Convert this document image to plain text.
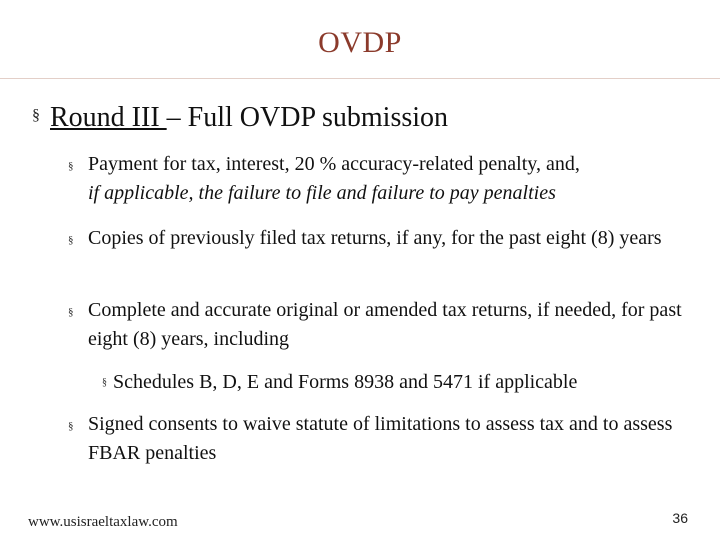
OVDP
§ Round III – Full OVDP submission
§ Payment for tax, interest, 20 % accuracy-related penalty, and,
if applicable, the failure to file and failure to pay penalties
§ Copies of previously filed tax returns, if any, for the past eight (8) years
§ Complete and accurate original or amended tax returns, if needed, for past eight (8) years, including
§ Schedules B, D, E and Forms 8938 and 5471 if applicable
§ Signed consents to waive statute of limitations to assess tax and to assess FBAR penalties
www.usisraeltaxlaw.com	36
